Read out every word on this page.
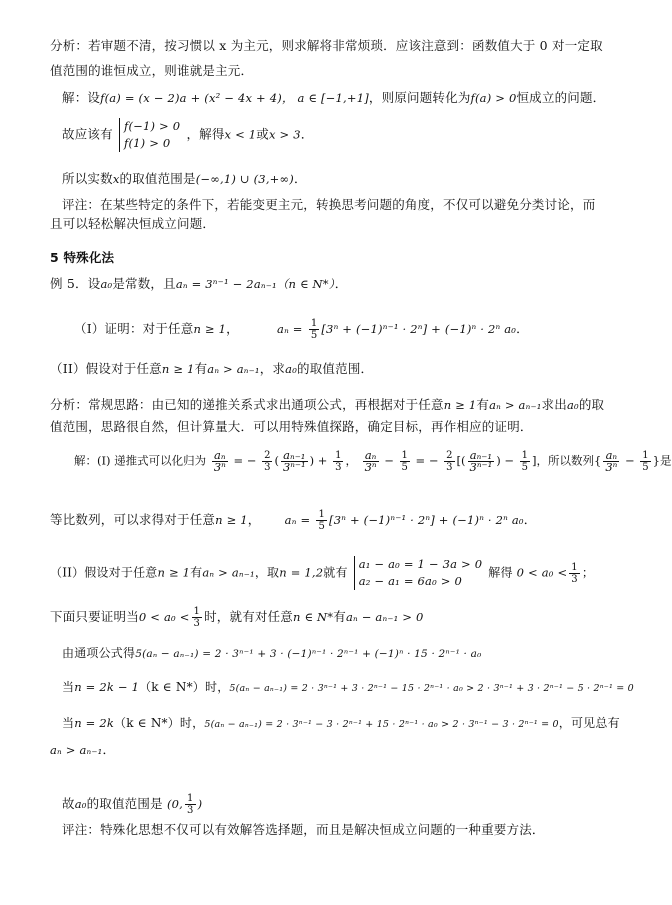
分析：若审题不清，按习惯以 x 为主元，则求解将非常烦琐．应该注意到：函数值大于 0 对一定取
值范围的谁恒成立，则谁就是主元．
解：设f(a) = (x − 2)a + (x² − 4x + 4)， a ∈ [−1,+1]，则原问题转化为f(a) > 0恒成立的问题．
故应该有
f(−1) > 0
f(1) > 0
，解得x < 1或x > 3．
所以实数x的取值范围是(−∞,1) ∪ (3,+∞)．
评注：在某些特定的条件下，若能变更主元，转换思考问题的角度，不仅可以避免分类讨论，而
且可以轻松解决恒成立问题．
5 特殊化法
例 5．设a₀是常数，且aₙ = 3ⁿ⁻¹ − 2aₙ₋₁（n ∈ N*）．
（I）证明：对于任意n ≥ 1，	$a_n = \frac{1}{5} [3^n + (-1)^{n-1} \cdot 2^n] + (-1)^n \cdot 2^n$ a₀．
（II）假设对于任意n ≥ 1有aₙ > aₙ₋₁，求a₀的取值范围．
分析：常规思路：由已知的递推关系式求出通项公式，再根据对于任意n ≥ 1有aₙ > aₙ₋₁求出a₀的取
值范围，思路很自然，但计算量大．可以用特殊值探路，确定目标，再作相应的证明．
解：(I) 递推式可以化归为 $\frac{\text{aₙ}}{\text{3ⁿ}}$ = − $\frac{2}{3}$ ( $\frac{\text{aₙ₋₁}}{\text{3ⁿ⁻¹}}$ ) + $\frac{1}{3}$ ， $\frac{\text{aₙ}}{\text{3ⁿ}} - \frac{1}{5}$ = − $\frac{2}{3}$ [( $\frac{\text{aₙ₋₁}}{\text{3ⁿ⁻¹}}$ ) − $\frac{1}{5}$ ]，所以数列{ $\frac{\text{aₙ}}{\text{3ⁿ}} - \frac{1}{5}$ }是
等比数列，可以求得对于任意n ≥ 1， $a_n = \frac{1}{5} [3^n + (-1)^{n-1} \cdot 2^n] + (-1)^n \cdot 2^n$ a₀．
（II）假设对于任意n ≥ 1有aₙ > aₙ₋₁，取n = 1,2就有
a₁ − a₀ = 1 − 3a > 0
a₂ − a₁ = 6a₀ > 0
解得 $0 < a_0 < \frac{1}{3}$ ；
下面只要证明当$0 < a_0 < \frac{1}{3}$ 时，就有对任意n ∈ N*有aₙ − aₙ₋₁ > 0
由通项公式得5(aₙ − aₙ₋₁) = 2 · 3ⁿ⁻¹ + 3 · (−1)ⁿ⁻¹ · 2ⁿ⁻¹ + (−1)ⁿ · 15 · 2ⁿ⁻¹ · a₀
当n = 2k − 1（k ∈ N*）时，5(aₙ − aₙ₋₁) = 2 · 3ⁿ⁻¹ + 3 · 2ⁿ⁻¹ − 15 · 2ⁿ⁻¹ · a₀ > 2 · 3ⁿ⁻¹ + 3 · 2ⁿ⁻¹ − 5 · 2ⁿ⁻¹ = 0
当n = 2k（k ∈ N*）时，5(aₙ − aₙ₋₁) = 2 · 3ⁿ⁻¹ − 3 · 2ⁿ⁻¹ + 15 · 2ⁿ⁻¹ · a₀ > 2 · 3ⁿ⁻¹ − 3 · 2ⁿ⁻¹ = 0，可见总有
aₙ > aₙ₋₁．
故a₀的取值范围是 (0, $\frac{1}{3}$ )
评注：特殊化思想不仅可以有效解答选择题，而且是解决恒成立问题的一种重要方法．
